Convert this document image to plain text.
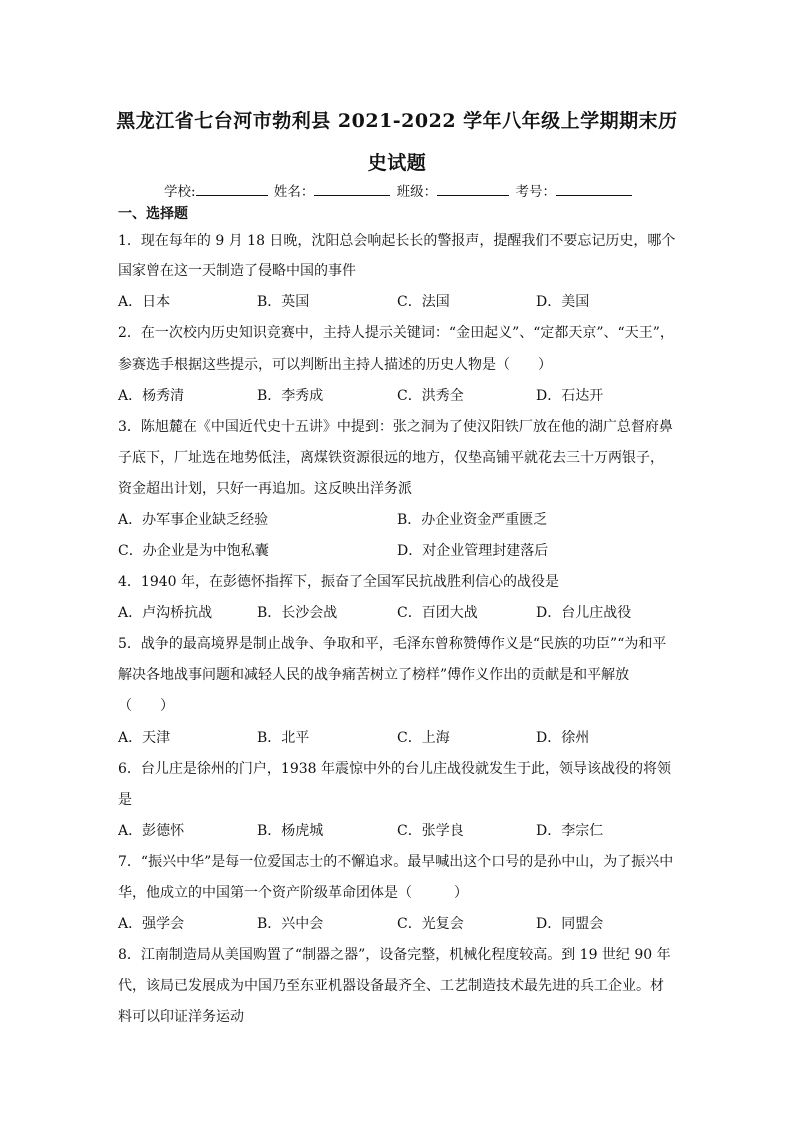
黑龙江省七台河市勃利县 2021-2022 学年八年级上学期期末历
史试题
学校:	姓名：	班级：	考号：
一、选择题
1．现在每年的 9 月 18 日晚，沈阳总会响起长长的警报声，提醒我们不要忘记历史，哪个
国家曾在这一天制造了侵略中国的事件
A．日本	B．英国	C．法国	D．美国
2．在一次校内历史知识竞赛中，主持人提示关键词：“金田起义”、“定都天京”、“天王”，
参赛选手根据这些提示，可以判断出主持人描述的历史人物是（　　）
A．杨秀清	B．李秀成	C．洪秀全	D．石达开
3．陈旭麓在《中国近代史十五讲》中提到：张之洞为了使汉阳铁厂放在他的湖广总督府鼻
子底下，厂址选在地势低洼，离煤铁资源很远的地方，仅垫高铺平就花去三十万两银子，
资金超出计划，只好一再追加。这反映出洋务派
A．办军事企业缺乏经验	B．办企业资金严重匮乏
C．办企业是为中饱私囊	D．对企业管理封建落后
4．1940 年，在彭德怀指挥下，振奋了全国军民抗战胜利信心的战役是
A．卢沟桥抗战	B．长沙会战	C．百团大战	D．台儿庄战役
5．战争的最高境界是制止战争、争取和平，毛泽东曾称赞傅作义是“民族的功臣”“为和平
解决各地战事问题和减轻人民的战争痛苦树立了榜样”傅作义作出的贡献是和平解放
（　　）
A．天津	B．北平	C．上海	D．徐州
6．台儿庄是徐州的门户，1938 年震惊中外的台儿庄战役就发生于此，领导该战役的将领
是
A．彭德怀	B．杨虎城	C．张学良	D．李宗仁
7．“振兴中华”是每一位爱国志士的不懈追求。最早喊出这个口号的是孙中山，为了振兴中
华，他成立的中国第一个资产阶级革命团体是（　　　）
A．强学会	B．兴中会	C．光复会	D．同盟会
8．江南制造局从美国购置了“制器之器”，设备完整，机械化程度较高。到 19 世纪 90 年
代，该局已发展成为中国乃至东亚机器设备最齐全、工艺制造技术最先进的兵工企业。材
料可以印证洋务运动
